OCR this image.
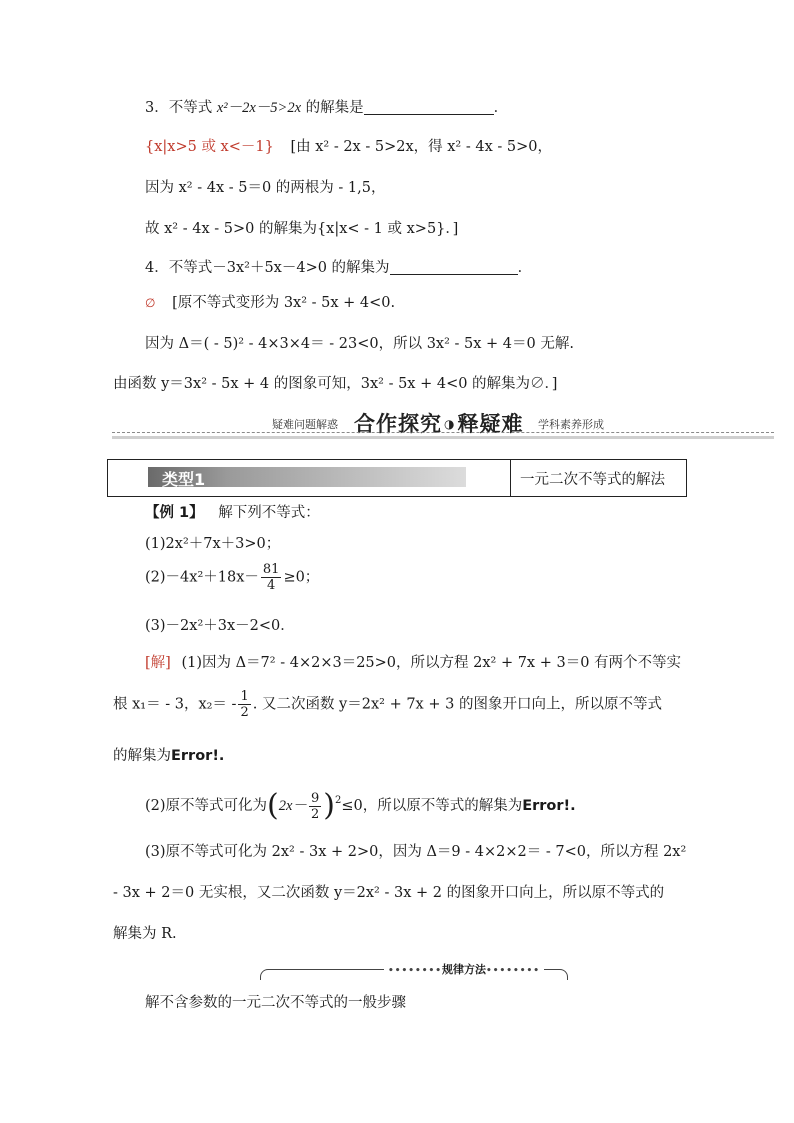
3．不等式 x²－2x－5>2x 的解集是	．
{x|x>5 或 x<－1} [由 x² - 2x - 5>2x，得 x² - 4x - 5>0，
因为 x² - 4x - 5＝0 的两根为 - 1,5，
故 x² - 4x - 5>0 的解集为{x|x< - 1 或 x>5}．]
4．不等式－3x²＋5x－4>0 的解集为	．
∅ [原不等式变形为 3x² - 5x + 4<0.
因为 Δ＝( - 5)² - 4×3×4＝ - 23<0，所以 3x² - 5x + 4＝0 无解.
由函数 y＝3x² - 5x + 4 的图象可知，3x² - 5x + 4<0 的解集为∅．]
疑难问题解惑 合作探究 ◑释疑难 学科素养形成
类型1	一元二次不等式的解法
【例 1】 解下列不等式：
(1)2x²＋7x＋3>0；
$(2)-4x^2+18x- \frac{81}{4} \ge 0$；
(3)－2x²＋3x－2<0．
[解] (1)因为 Δ＝7² - 4×2×3＝25>0，所以方程 2x² + 7x + 3＝0 有两个不等实
根 x₁＝ - 3，$x_2= - \frac{1}{2}$ . 又二次函数 y＝2x² + 7x + 3 的图象开口向上，所以原不等式
的解集为Error!.
(2)原不等式可化为$(2x- \frac{9}{2} )^2\le 0$，所以原不等式的解集为Error!.
(3)原不等式可化为 2x² - 3x + 2>0，因为 Δ＝9 - 4×2×2＝ - 7<0，所以方程 2x²
- 3x + 2＝0 无实根，又二次函数 y＝2x² - 3x + 2 的图象开口向上，所以原不等式的
解集为 R.
••••••••规律方法••••••••
解不含参数的一元二次不等式的一般步骤
